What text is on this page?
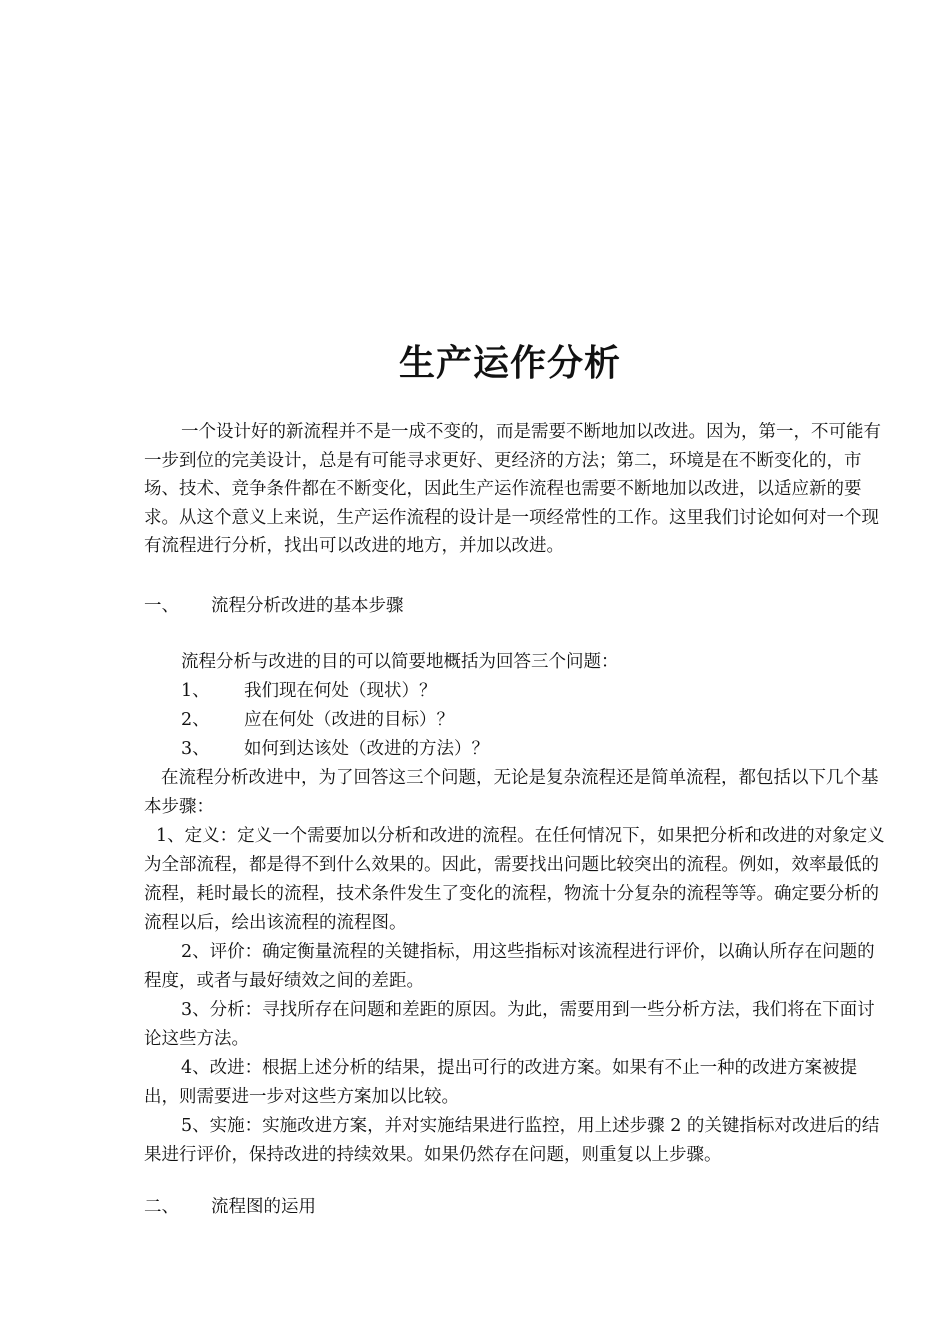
生产运作分析

一个设计好的新流程并不是一成不变的，而是需要不断地加以改进。因为，第一，不可能有一步到位的完美设计，总是有可能寻求更好、更经济的方法；第二，环境是在不断变化的，市场、技术、竞争条件都在不断变化，因此生产运作流程也需要不断地加以改进，以适应新的要求。从这个意义上来说，生产运作流程的设计是一项经常性的工作。这里我们讨论如何对一个现有流程进行分析，找出可以改进的地方，并加以改进。

一、 流程分析改进的基本步骤

流程分析与改进的目的可以简要地概括为回答三个问题：

1、 我们现在何处（现状）？

2、 应在何处（改进的目标）？

3、 如何到达该处（改进的方法）？

在流程分析改进中，为了回答这三个问题，无论是复杂流程还是简单流程，都包括以下几个基本步骤：

1、定义：定义一个需要加以分析和改进的流程。在任何情况下，如果把分析和改进的对象定义为全部流程，都是得不到什么效果的。因此，需要找出问题比较突出的流程。例如，效率最低的流程，耗时最长的流程，技术条件发生了变化的流程，物流十分复杂的流程等等。确定要分析的流程以后，绘出该流程的流程图。

2、评价：确定衡量流程的关键指标，用这些指标对该流程进行评价，以确认所存在问题的程度，或者与最好绩效之间的差距。

3、分析：寻找所存在问题和差距的原因。为此，需要用到一些分析方法，我们将在下面讨论这些方法。

4、改进：根据上述分析的结果，提出可行的改进方案。如果有不止一种的改进方案被提出，则需要进一步对这些方案加以比较。

5、实施：实施改进方案，并对实施结果进行监控，用上述步骤 2 的关键指标对改进后的结果进行评价，保持改进的持续效果。如果仍然存在问题，则重复以上步骤。

二、 流程图的运用
